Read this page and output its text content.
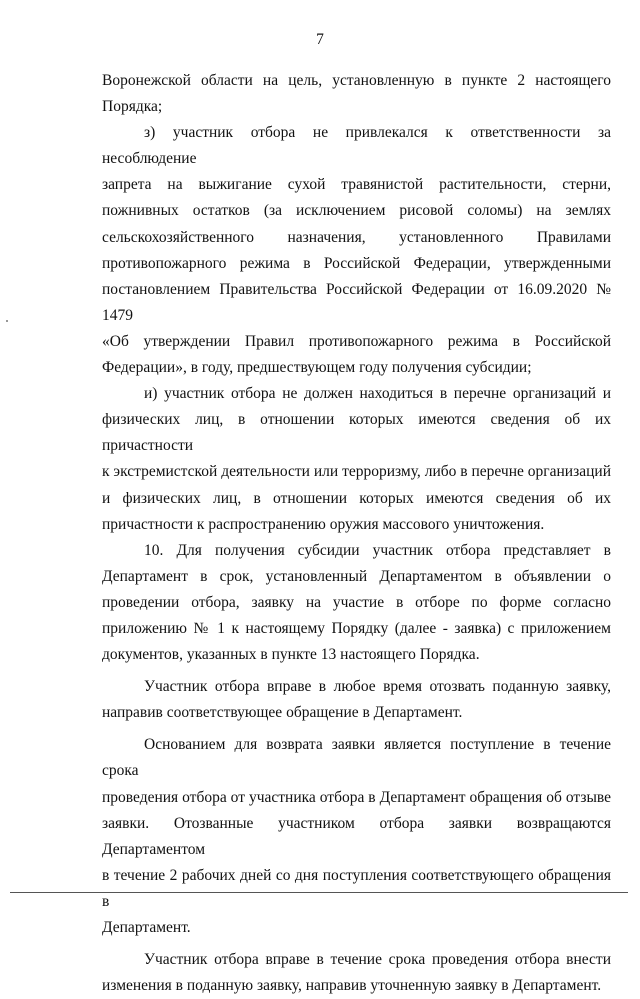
7

Воронежской области на цель, установленную в пункте 2 настоящего

Порядка;

з) участник отбора не привлекался к ответственности за несоблюдение

запрета на выжигание сухой травянистой растительности, стерни,

пожнивных остатков (за исключением рисовой соломы) на землях

сельскохозяйственного назначения, установленного Правилами

противопожарного режима в Российской Федерации, утвержденными

постановлением Правительства Российской Федерации от 16.09.2020 № 1479

«Об утверждении Правил противопожарного режима в Российской

Федерации», в году, предшествующем году получения субсидии;

и) участник отбора не должен находиться в перечне организаций и

физических лиц, в отношении которых имеются сведения об их причастности

к экстремистской деятельности или терроризму, либо в перечне организаций

и физических лиц, в отношении которых имеются сведения об их

причастности к распространению оружия массового уничтожения.

10. Для получения субсидии участник отбора представляет в

Департамент в срок, установленный Департаментом в объявлении о

проведении отбора, заявку на участие в отборе по форме согласно

приложению № 1 к настоящему Порядку (далее - заявка) с приложением

документов, указанных в пункте 13 настоящего Порядка.

Участник отбора вправе в любое время отозвать поданную заявку,

направив соответствующее обращение в Департамент.

Основанием для возврата заявки является поступление в течение срока

проведения отбора от участника отбора в Департамент обращения об отзыве

заявки. Отозванные участником отбора заявки возвращаются Департаментом

в течение 2 рабочих дней со дня поступления соответствующего обращения в

Департамент.

Участник отбора вправе в течение срока проведения отбора внести

изменения в поданную заявку, направив уточненную заявку в Департамент.
